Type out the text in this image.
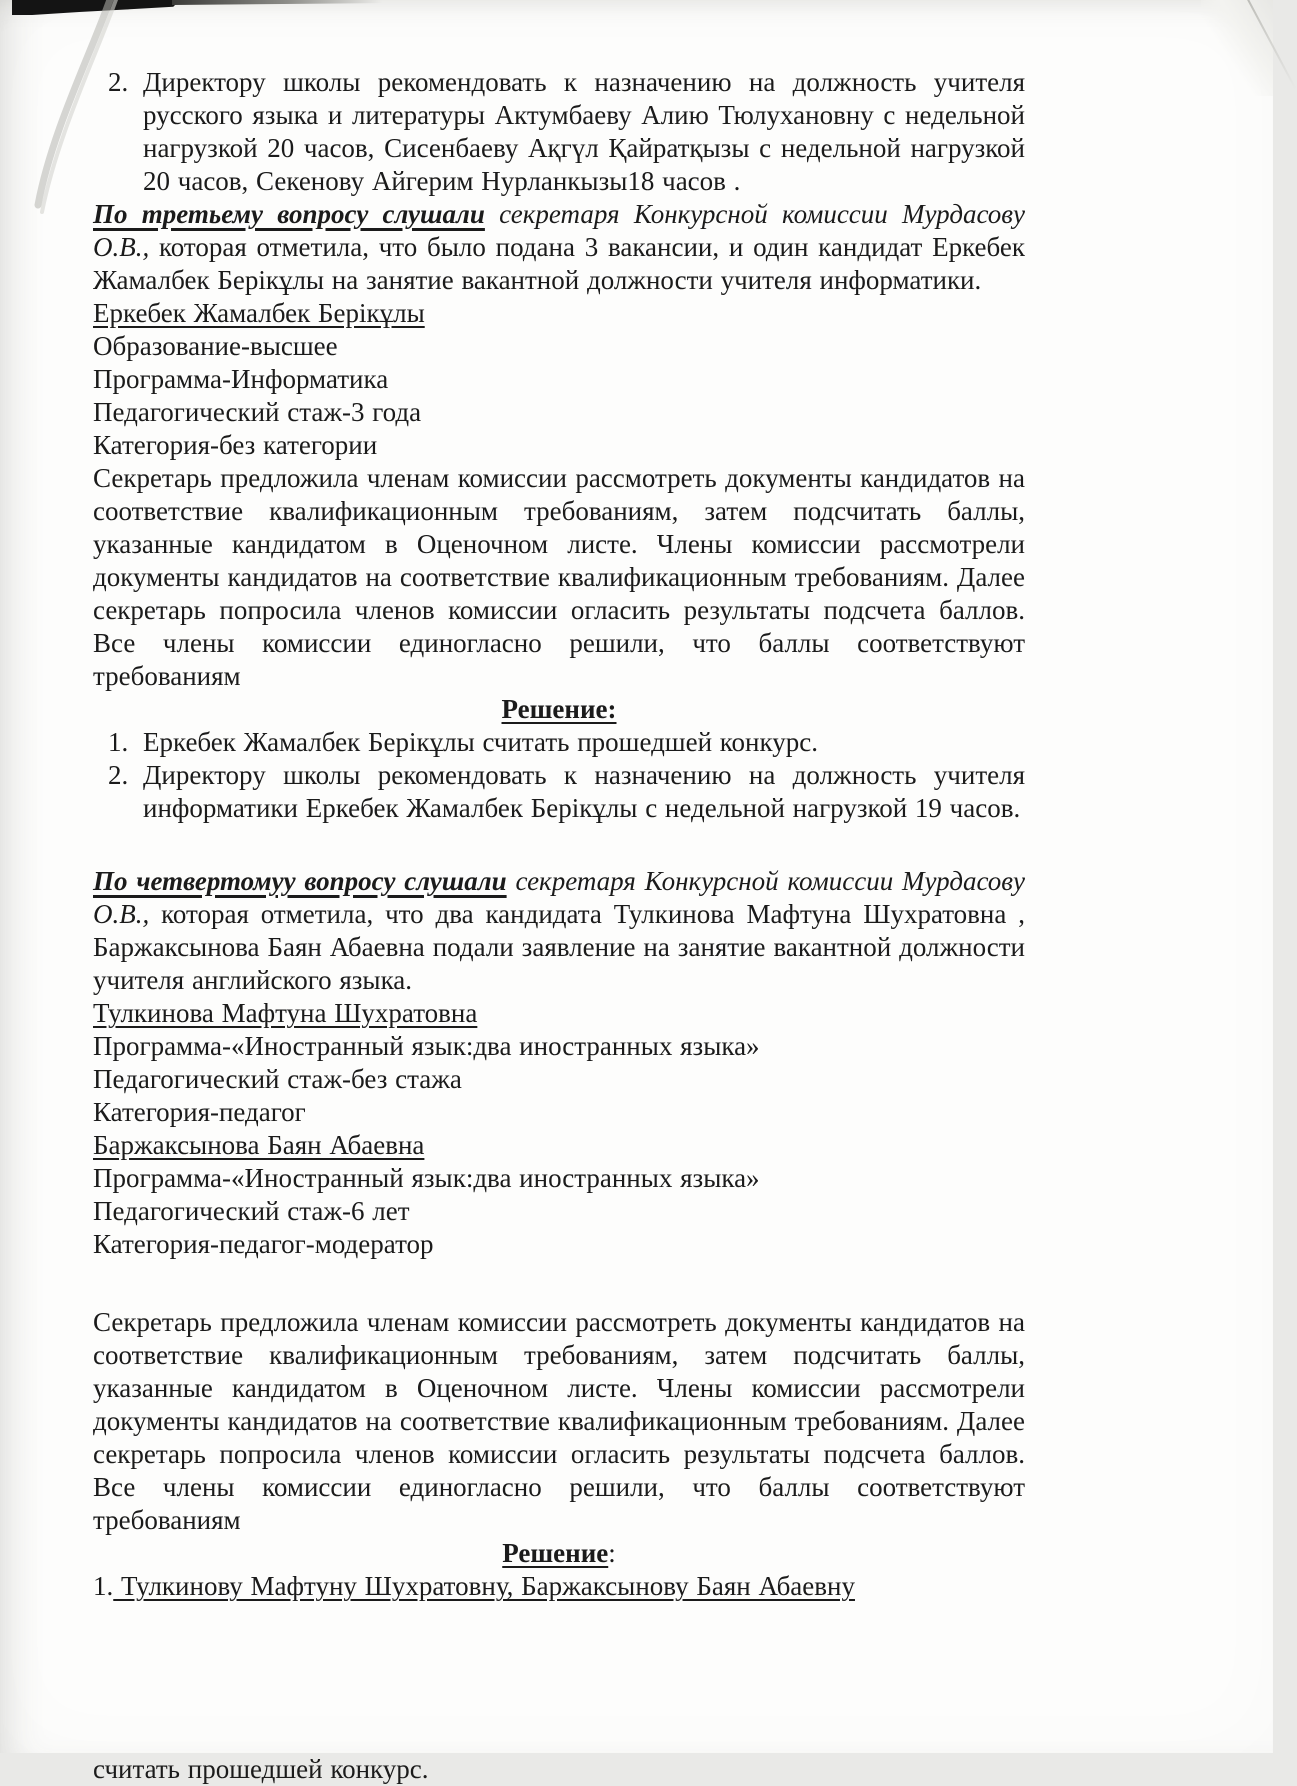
2. Директору школы рекомендовать к назначению на должность учителя русского языка и литературы Актумбаеву Алию Тюлухановну с недельной нагрузкой 20 часов, Сисенбаеву Ақгүл Қайратқызы с недельной нагрузкой 20 часов, Секенову Айгерим Нурланкызы18 часов .

По третьему вопросу слушали секретаря Конкурсной комиссии Мурдасову О.В., которая отметила, что было подана 3 вакансии, и один кандидат Еркебек Жамалбек Берікұлы на занятие вакантной должности учителя информатики.

Еркебек Жамалбек Берікұлы
Образование-высшее
Программа-Информатика
Педагогический стаж-3 года
Категория-без категории

Секретарь предложила членам комиссии рассмотреть документы кандидатов на соответствие квалификационным требованиям, затем подсчитать баллы, указанные кандидатом в Оценочном листе. Члены комиссии рассмотрели документы кандидатов на соответствие квалификационным требованиям. Далее секретарь попросила членов комиссии огласить результаты подсчета баллов. Все члены комиссии единогласно решили, что баллы соответствуют требованиям

Решение:
1. Еркебек Жамалбек Берікұлы считать прошедшей конкурс.
2. Директору школы рекомендовать к назначению на должность учителя информатики Еркебек Жамалбек Берікұлы с недельной нагрузкой 19 часов.

По четвертомуу вопросу слушали секретаря Конкурсной комиссии Мурдасову О.В., которая отметила, что два кандидата Тулкинова Мафтуна Шухратовна , Баржаксынова Баян Абаевна подали заявление на занятие вакантной должности учителя английского языка.

Тулкинова Мафтуна Шухратовна
Программа-«Иностранный язык:два иностранных языка»
Педагогический стаж-без стажа
Категория-педагог
Баржаксынова Баян Абаевна
Программа-«Иностранный язык:два иностранных языка»
Педагогический стаж-6 лет
Категория-педагог-модератор

Секретарь предложила членам комиссии рассмотреть документы кандидатов на соответствие квалификационным требованиям, затем подсчитать баллы, указанные кандидатом в Оценочном листе. Члены комиссии рассмотрели документы кандидатов на соответствие квалификационным требованиям. Далее секретарь попросила членов комиссии огласить результаты подсчета баллов. Все члены комиссии единогласно решили, что баллы соответствуют требованиям

Решение:
1. Тулкинову Мафтуну Шухратовну, Баржаксынову Баян Абаевну
считать прошедшей конкурс.
